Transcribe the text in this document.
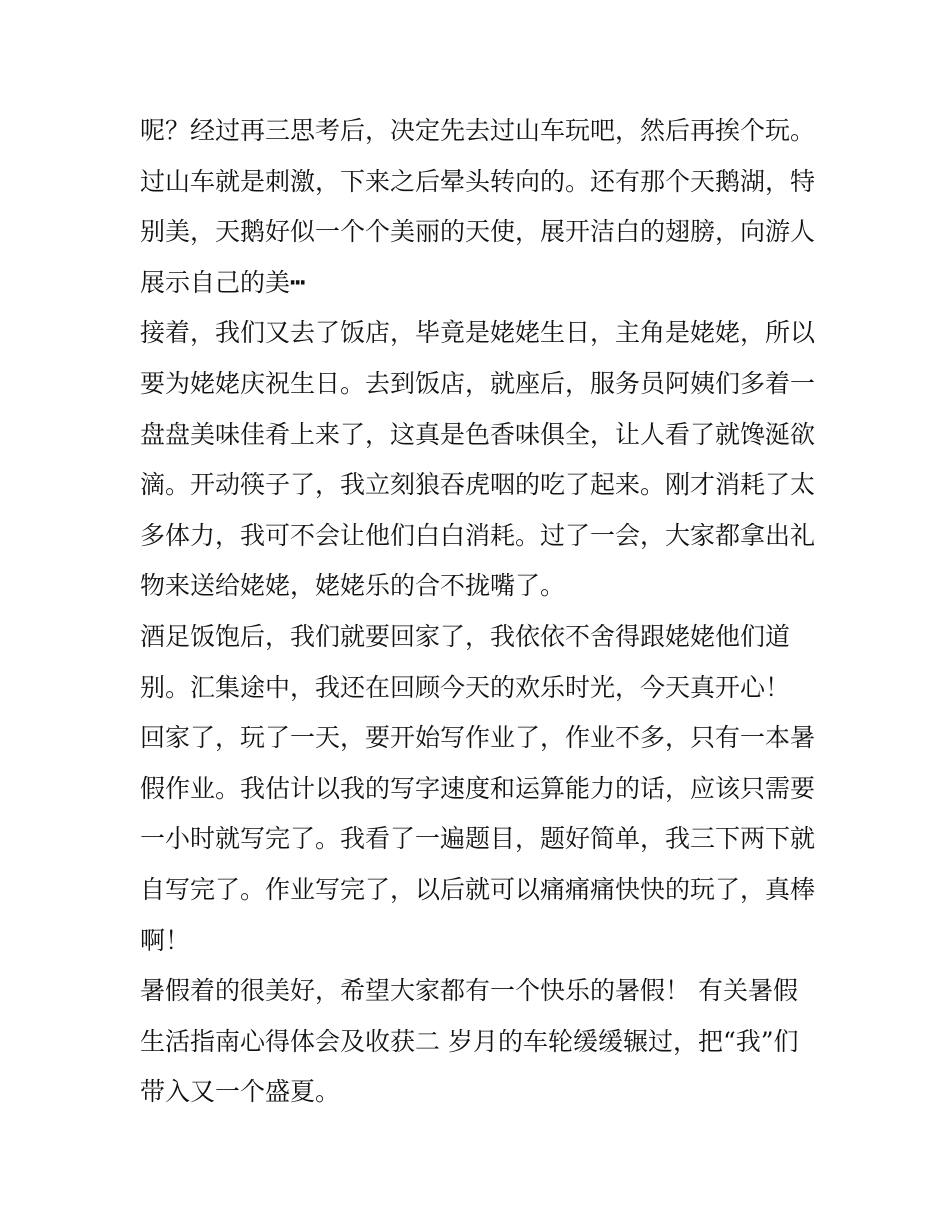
呢？经过再三思考后，决定先去过山车玩吧，然后再挨个玩。
过山车就是刺激，下来之后晕头转向的。还有那个天鹅湖，特
别美，天鹅好似一个个美丽的天使，展开洁白的翅膀，向游人
展示自己的美┅
接着，我们又去了饭店，毕竟是姥姥生日，主角是姥姥，所以
要为姥姥庆祝生日。去到饭店，就座后，服务员阿姨们多着一
盘盘美味佳肴上来了，这真是色香味俱全，让人看了就馋涎欲
滴。开动筷子了，我立刻狼吞虎咽的吃了起来。刚才消耗了太
多体力，我可不会让他们白白消耗。过了一会，大家都拿出礼
物来送给姥姥，姥姥乐的合不拢嘴了。
酒足饭饱后，我们就要回家了，我依依不舍得跟姥姥他们道
别。汇集途中，我还在回顾今天的欢乐时光，今天真开心！
回家了，玩了一天，要开始写作业了，作业不多，只有一本暑
假作业。我估计以我的写字速度和运算能力的话，应该只需要
一小时就写完了。我看了一遍题目，题好简单，我三下两下就
自写完了。作业写完了，以后就可以痛痛痛快快的玩了，真棒
啊！
暑假着的很美好，希望大家都有一个快乐的暑假！ 有关暑假
生活指南心得体会及收获二 岁月的车轮缓缓辗过，把“我”们
带入又一个盛夏。
